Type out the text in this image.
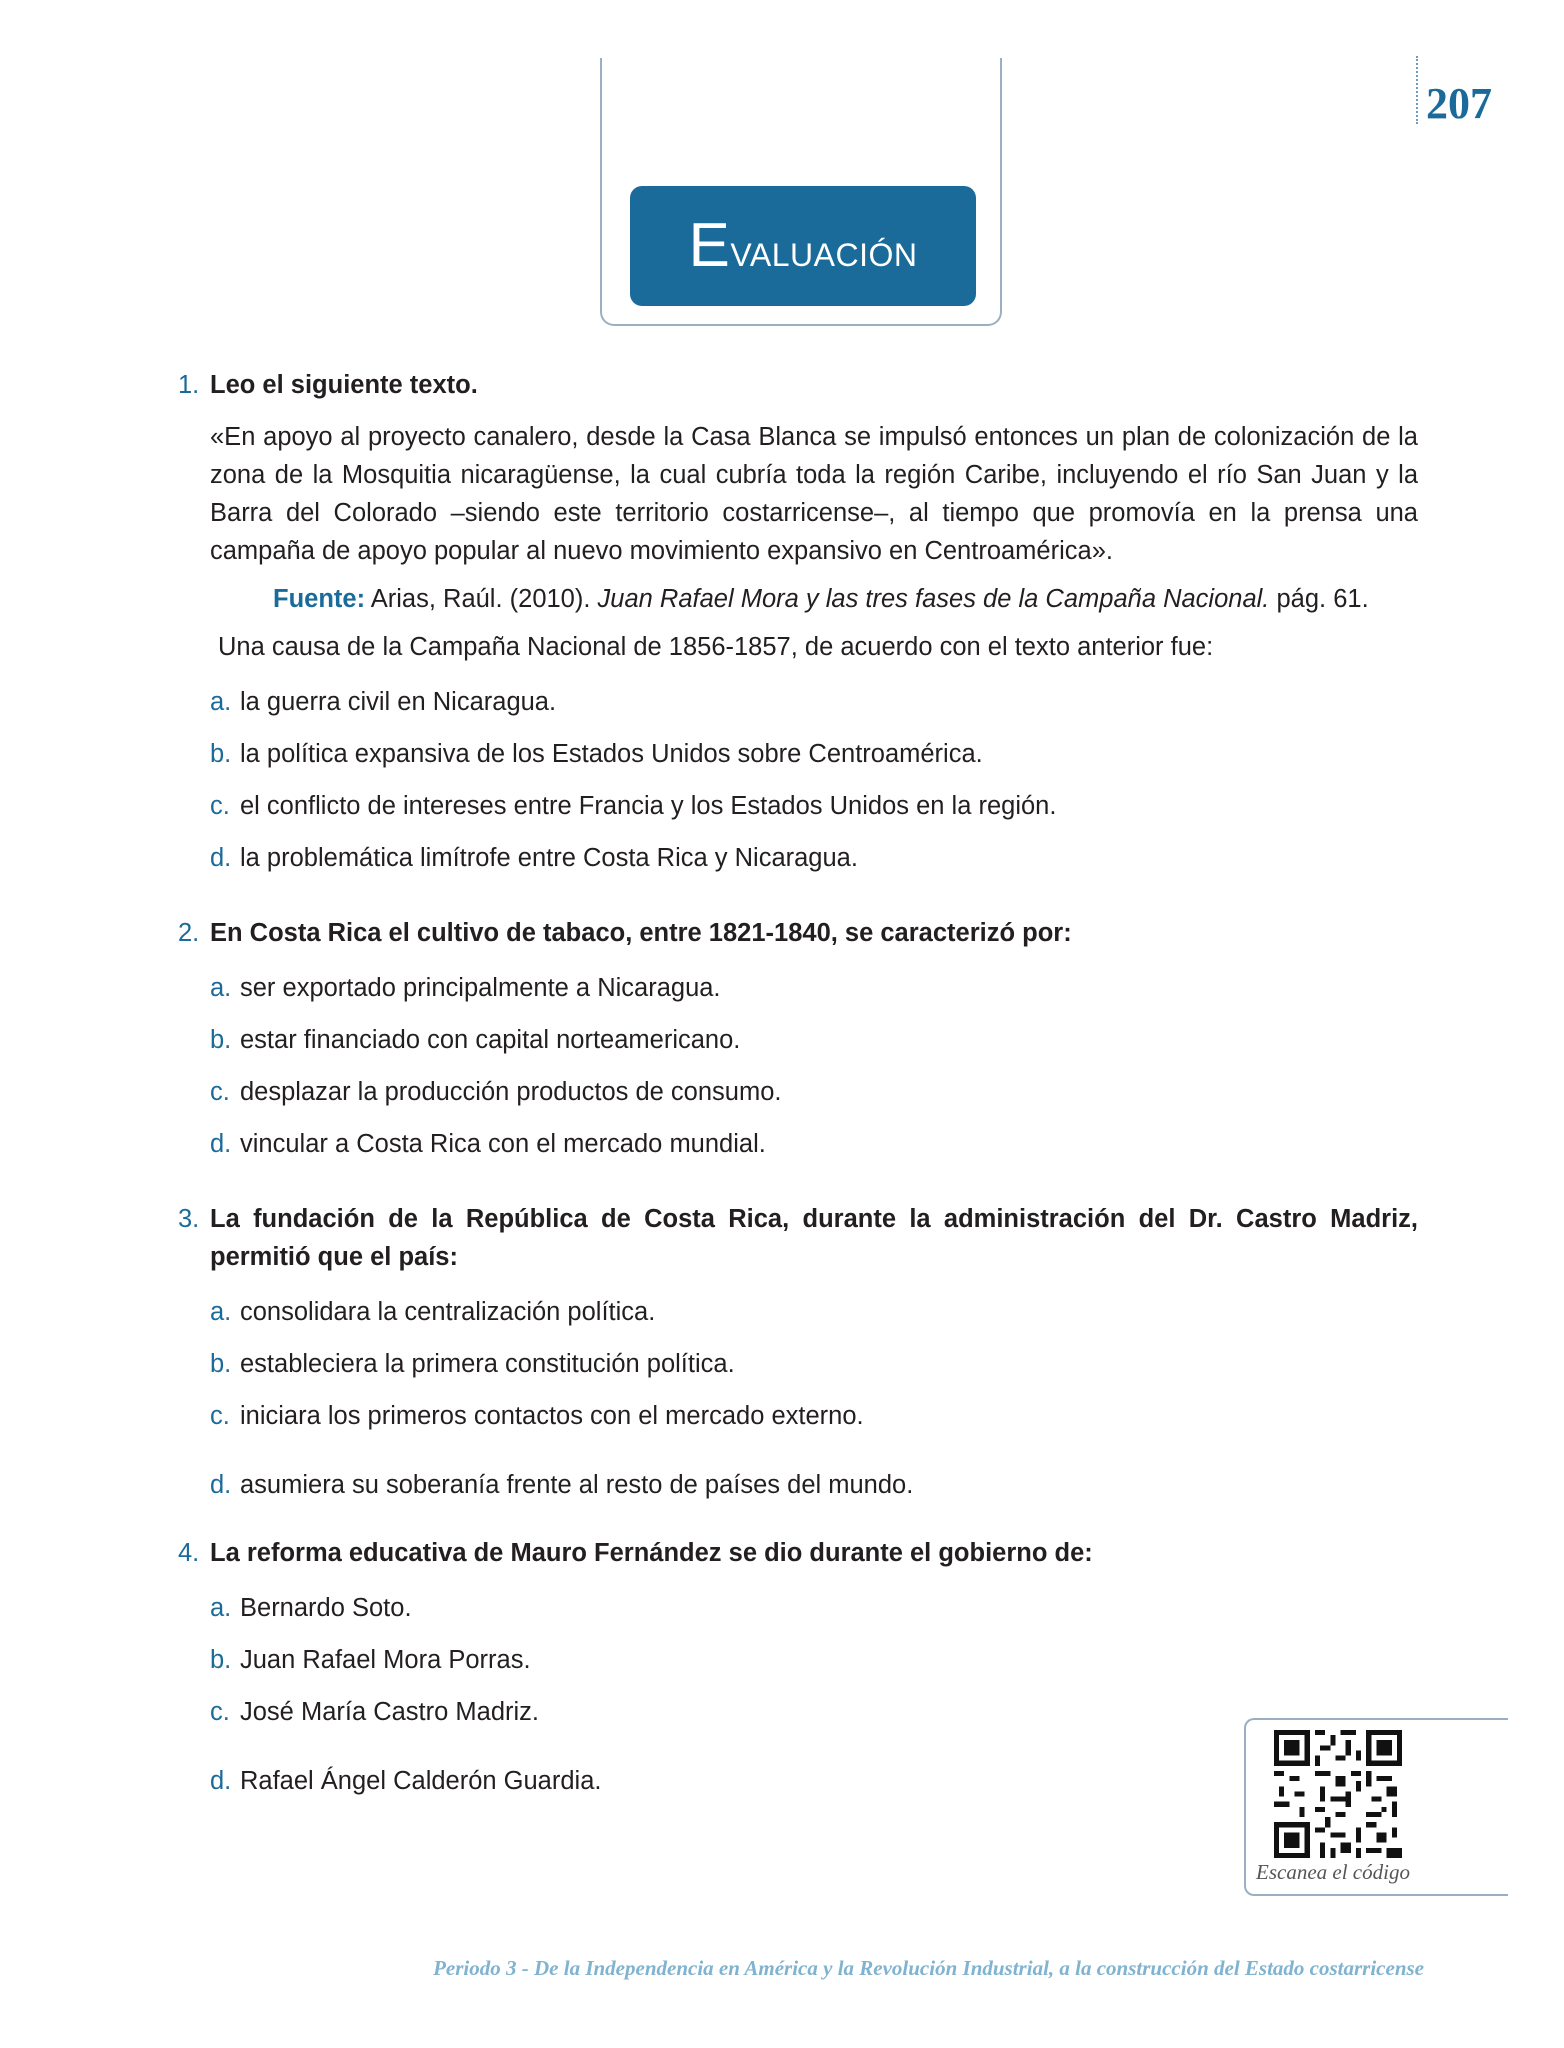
207
Evaluación
1. Leo el siguiente texto.
«En apoyo al proyecto canalero, desde la Casa Blanca se impulsó entonces un plan de colonización de la zona de la Mosquitia nicaragüense, la cual cubría toda la región Caribe, incluyendo el río San Juan y la Barra del Colorado –siendo este territorio costarricense–, al tiempo que promovía en la prensa una campaña de apoyo popular al nuevo movimiento expansivo en Centroamérica».
Fuente: Arias, Raúl. (2010). Juan Rafael Mora y las tres fases de la Campaña Nacional. pág. 61.
Una causa de la Campaña Nacional de 1856-1857, de acuerdo con el texto anterior fue:
a. la guerra civil en Nicaragua.
b. la política expansiva de los Estados Unidos sobre Centroamérica.
c. el conflicto de intereses entre Francia y los Estados Unidos en la región.
d. la problemática limítrofe entre Costa Rica y Nicaragua.
2. En Costa Rica el cultivo de tabaco, entre 1821-1840, se caracterizó por:
a. ser exportado principalmente a Nicaragua.
b. estar financiado con capital norteamericano.
c. desplazar la producción productos de consumo.
d. vincular a Costa Rica con el mercado mundial.
3. La fundación de la República de Costa Rica, durante la administración del Dr. Castro Madriz, permitió que el país:
a. consolidara la centralización política.
b. estableciera la primera constitución política.
c. iniciara los primeros contactos con el mercado externo.
d. asumiera su soberanía frente al resto de países del mundo.
4. La reforma educativa de Mauro Fernández se dio durante el gobierno de:
a. Bernardo Soto.
b. Juan Rafael Mora Porras.
c. José María Castro Madriz.
d. Rafael Ángel Calderón Guardia.
Escanea el código
Periodo 3 - De la Independencia en América y la Revolución Industrial, a la construcción del Estado costarricense
